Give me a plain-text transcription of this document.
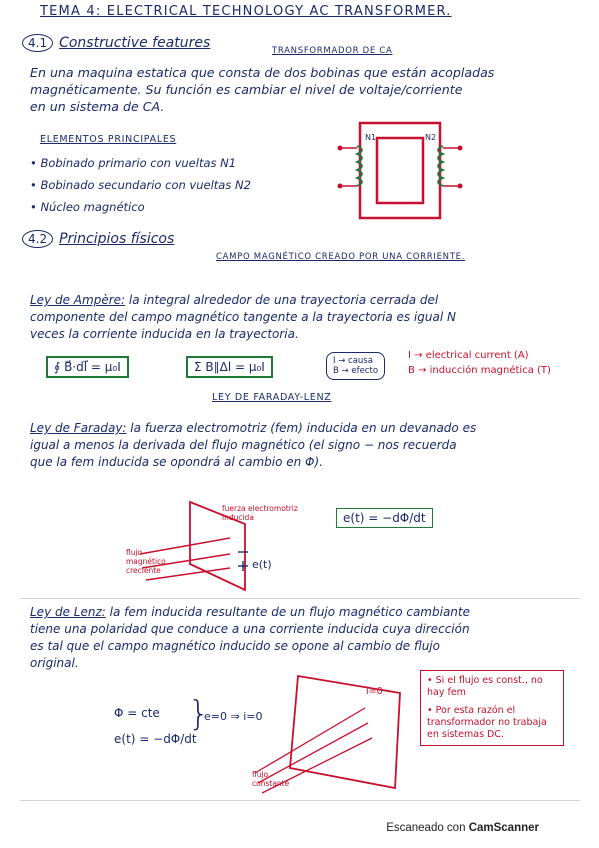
TEMA 4: ELECTRICAL TECHNOLOGY AC TRANSFORMER.
4.1 Constructive features	TRANSFORMADOR DE CA
En una maquina estatica que consta de dos bobinas que están acopladas
magnéticamente. Su función es cambiar el nivel de voltaje/corriente
en un sistema de CA.
ELEMENTOS PRINCIPALES
• Bobinado primario con vueltas N1
• Bobinado secundario con vueltas N2
• Núcleo magnético
N1	N2
4.2 Principios físicos
CAMPO MAGNÉTICO CREADO POR UNA CORRIENTE.
Ley de Ampère: la integral alrededor de una trayectoria cerrada del
componente del campo magnético tangente a la trayectoria es igual N
veces la corriente inducida en la trayectoria.
∮ B⃗·dl⃗ = μ₀I	Σ B∥Δl = μ₀I	I → causa
B → efecto
I → electrical current (A)
B → inducción magnética (T)
LEY DE FARADAY-LENZ
Ley de Faraday: la fuerza electromotriz (fem) inducida en un devanado es
igual a menos la derivada del flujo magnético (el signo − nos recuerda
que la fem inducida se opondrá al cambio en Φ).
fuerza electromotriz inducida
flujo magnético creciente	e(t)
e(t) = −dΦ/dt
Ley de Lenz: la fem inducida resultante de un flujo magnético cambiante
tiene una polaridad que conduce a una corriente inducida cuya dirección
es tal que el campo magnético inducido se opone al cambio de flujo
original.
Φ = cte
e(t) = −dΦ/dt
}
e=0 ⇒ i=0
i=0
flujo constante
• Si el flujo es const., no hay fem
• Por esta razón el transformador no trabaja en sistemas DC.
Escaneado con CamScanner
